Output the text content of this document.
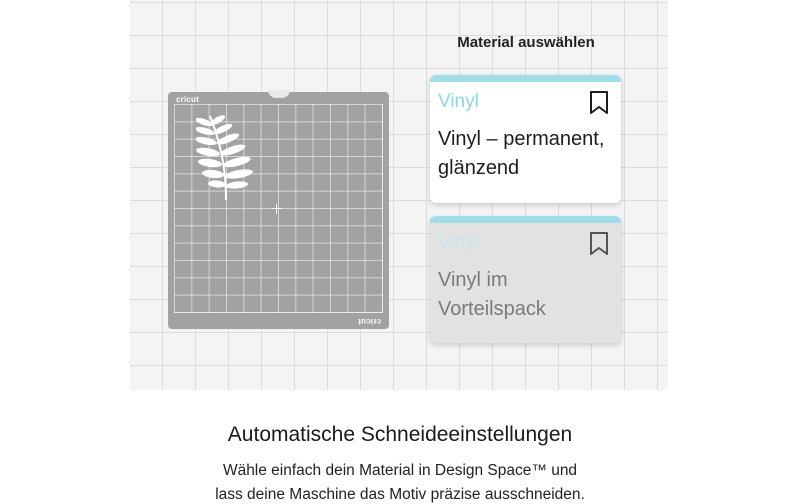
cricut
cricut
Material auswählen
Vinyl
Vinyl – permanent, glänzend
Vinyl
Vinyl im Vorteilspack
Automatische Schneideeinstellungen
Wähle einfach dein Material in Design Space™ und
lass deine Maschine das Motiv präzise ausschneiden.
